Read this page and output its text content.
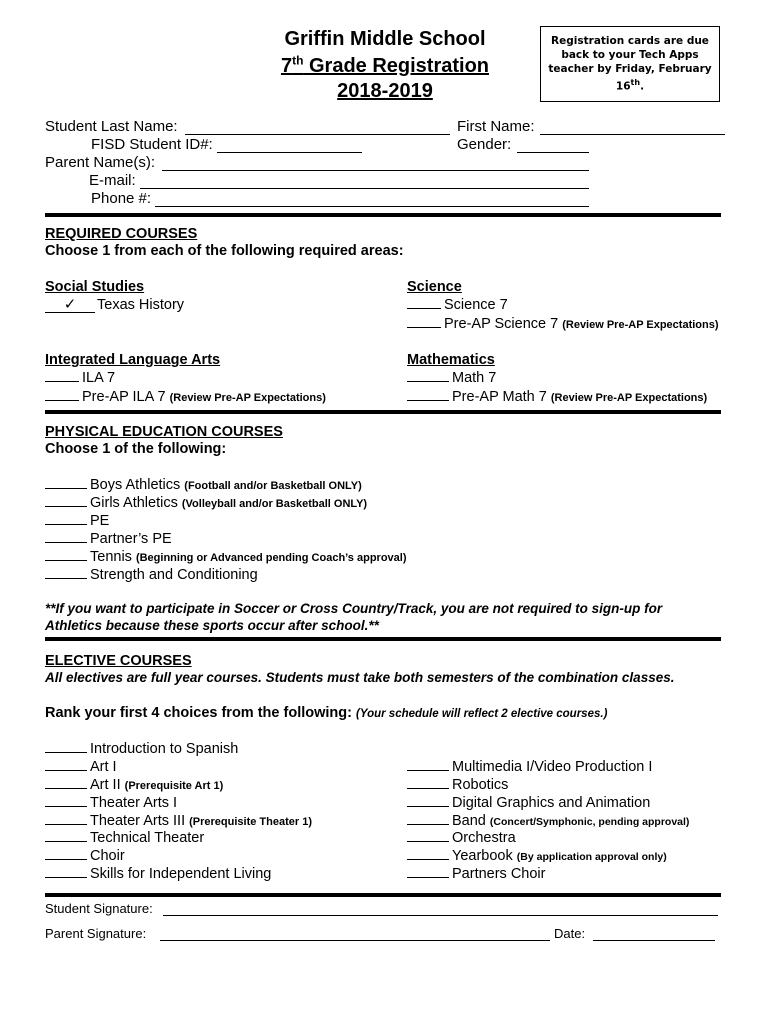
Griffin Middle School
7th Grade Registration
2018-2019
Registration cards are due back to your Tech Apps teacher by Friday, February 16th.
Student Last Name:	First Name:
FISD Student ID#:	Gender:
Parent Name(s):
E-mail:
Phone #:
REQUIRED COURSES
Choose 1 from each of the following required areas:
Social Studies
✓ Texas History
Science
Science 7
Pre-AP Science 7 (Review Pre-AP Expectations)
Integrated Language Arts
ILA 7
Pre-AP ILA 7 (Review Pre-AP Expectations)
Mathematics
Math 7
Pre-AP Math 7 (Review Pre-AP Expectations)
PHYSICAL EDUCATION COURSES
Choose 1 of the following:
Boys Athletics (Football and/or Basketball ONLY)
Girls Athletics (Volleyball and/or Basketball ONLY)
PE
Partner’s PE
Tennis (Beginning or Advanced pending Coach’s approval)
Strength and Conditioning
**If you want to participate in Soccer or Cross Country/Track, you are not required to sign-up for
Athletics because these sports occur after school.**
ELECTIVE COURSES
All electives are full year courses. Students must take both semesters of the combination classes.
Rank your first 4 choices from the following: (Your schedule will reflect 2 elective courses.)
Introduction to Spanish
Art I
Art II (Prerequisite Art 1)
Theater Arts I
Theater Arts III (Prerequisite Theater 1)
Technical Theater
Choir
Skills for Independent Living
Multimedia I/Video Production I
Robotics
Digital Graphics and Animation
Band (Concert/Symphonic, pending approval)
Orchestra
Yearbook (By application approval only)
Partners Choir
Student Signature:
Parent Signature:	Date:
